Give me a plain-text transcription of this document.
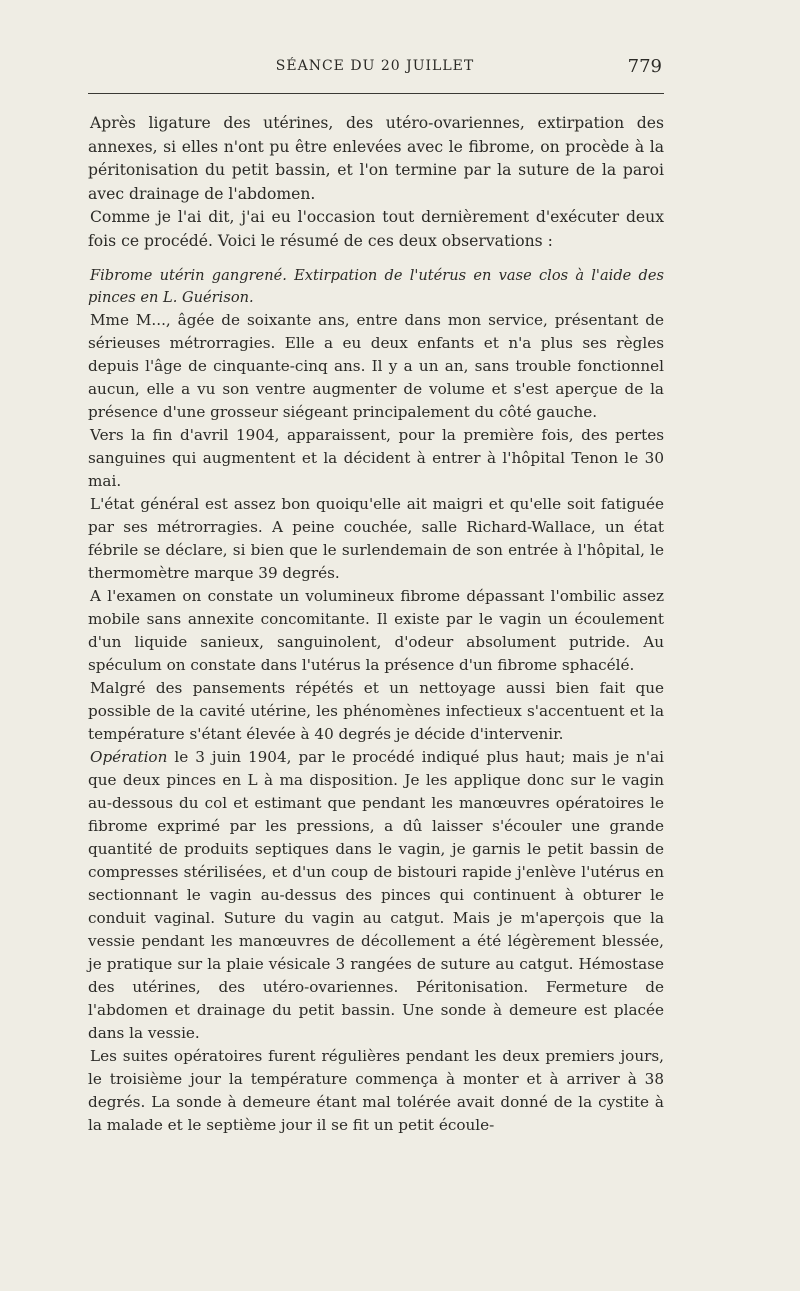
SÉANCE DU 20 JUILLET	779

Après ligature des utérines, des utéro-ovariennes, extirpation des annexes, si elles n'ont pu être enlevées avec le fibrome, on procède à la péritonisation du petit bassin, et l'on termine par la suture de la paroi avec drainage de l'abdomen.

Comme je l'ai dit, j'ai eu l'occasion tout dernièrement d'exécuter deux fois ce procédé. Voici le résumé de ces deux observations :

Fibrome utérin gangrené. Extirpation de l'utérus en vase clos à l'aide des pinces en L. Guérison.

Mme M..., âgée de soixante ans, entre dans mon service, présentant de sérieuses métrorragies. Elle a eu deux enfants et n'a plus ses règles depuis l'âge de cinquante-cinq ans. Il y a un an, sans trouble fonctionnel aucun, elle a vu son ventre augmenter de volume et s'est aperçue de la présence d'une grosseur siégeant principalement du côté gauche.

Vers la fin d'avril 1904, apparaissent, pour la première fois, des pertes sanguines qui augmentent et la décident à entrer à l'hôpital Tenon le 30 mai.

L'état général est assez bon quoiqu'elle ait maigri et qu'elle soit fatiguée par ses métrorragies. A peine couchée, salle Richard-Wallace, un état fébrile se déclare, si bien que le surlendemain de son entrée à l'hôpital, le thermomètre marque 39 degrés.

A l'examen on constate un volumineux fibrome dépassant l'ombilic assez mobile sans annexite concomitante. Il existe par le vagin un écoulement d'un liquide sanieux, sanguinolent, d'odeur absolument putride. Au spéculum on constate dans l'utérus la présence d'un fibrome sphacélé.

Malgré des pansements répétés et un nettoyage aussi bien fait que possible de la cavité utérine, les phénomènes infectieux s'accentuent et la température s'étant élevée à 40 degrés je décide d'intervenir.

Opération le 3 juin 1904, par le procédé indiqué plus haut; mais je n'ai que deux pinces en L à ma disposition. Je les applique donc sur le vagin au-dessous du col et estimant que pendant les manœuvres opératoires le fibrome exprimé par les pressions, a dû laisser s'écouler une grande quantité de produits septiques dans le vagin, je garnis le petit bassin de compresses stérilisées, et d'un coup de bistouri rapide j'enlève l'utérus en sectionnant le vagin au-dessus des pinces qui continuent à obturer le conduit vaginal. Suture du vagin au catgut. Mais je m'aperçois que la vessie pendant les manœuvres de décollement a été légèrement blessée, je pratique sur la plaie vésicale 3 rangées de suture au catgut. Hémostase des utérines, des utéro-ovariennes. Péritonisation. Fermeture de l'abdomen et drainage du petit bassin. Une sonde à demeure est placée dans la vessie.

Les suites opératoires furent régulières pendant les deux premiers jours, le troisième jour la température commença à monter et à arriver à 38 degrés. La sonde à demeure étant mal tolérée avait donné de la cystite à la malade et le septième jour il se fit un petit écoule-
